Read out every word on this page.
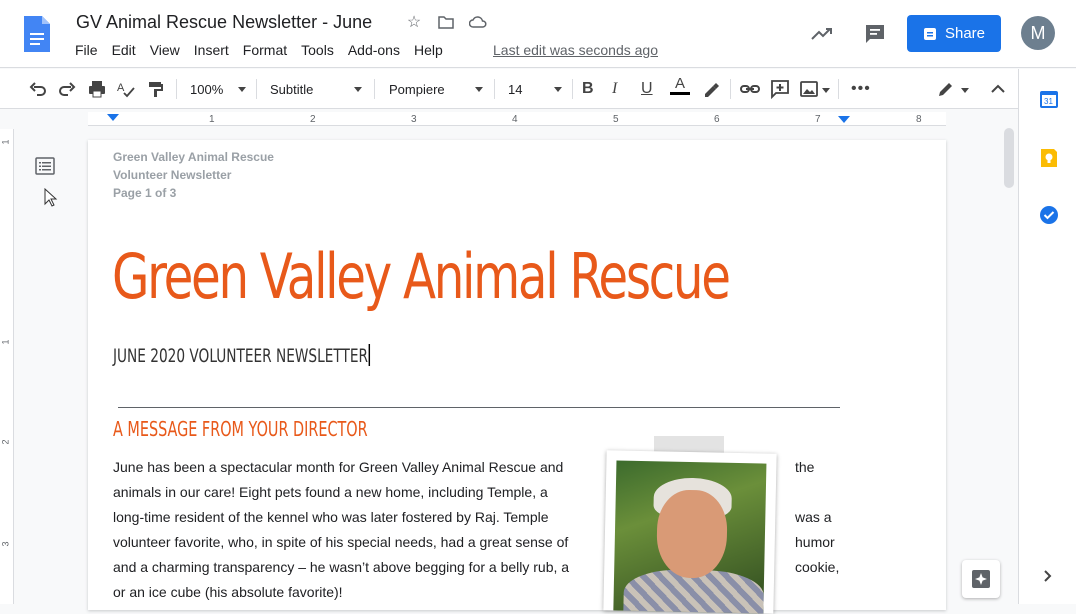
GV Animal Rescue Newsletter - June ☆
File	Edit	View	Insert	Format	Tools	Add-ons	Help	Last edit was seconds ago
Share	M
A	100%	Subtitle	Pompiere	14	B I U A	•••
1	2	3	4	5	6	7	8
1
1
2
3
Green Valley Animal Rescue
Volunteer Newsletter
Page 1 of 3
Green Valley Animal Rescue
JUNE 2020 VOLUNTEER NEWSLETTER
A MESSAGE FROM YOUR DIRECTOR
June has been a spectacular month for Green Valley Animal Rescue and
animals in our care! Eight pets found a new home, including Temple, a
long-time resident of the kennel who was later fostered by Raj. Temple
volunteer favorite, who, in spite of his special needs, had a great sense of
and a charming transparency – he wasn’t above begging for a belly rub, a
or an ice cube (his absolute favorite)!
the
was a
humor
cookie,
31
